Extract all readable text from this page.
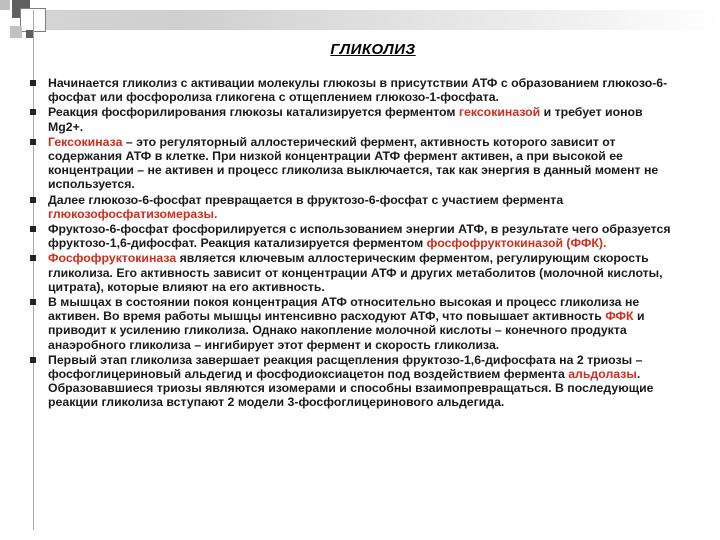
ГЛИКОЛИЗ
Начинается гликолиз с активации молекулы глюкозы в присутствии АТФ с образованием глюкозо-6-фосфат или фосфоролиза гликогена с отщеплением глюкозо-1-фосфата.
Реакция фосфорилирования глюкозы катализируется ферментом гексокиназой и требует ионов Mg2+.
Гексокиназа – это регуляторный аллостерический фермент, активность которого зависит от содержания АТФ в клетке. При низкой концентрации АТФ фермент активен, а при высокой ее концентрации – не активен и процесс гликолиза выключается, так как энергия в данный момент не используется.
Далее глюкозо-6-фосфат превращается в фруктозо-6-фосфат с участием фермента глюкозофосфатизомеразы.
Фруктозо-6-фосфат фосфорилируется с использованием энергии АТФ, в результате чего образуется фруктозо-1,6-дифосфат. Реакция катализируется ферментом фосфофруктокиназой (ФФК).
Фосфофруктокиназа является ключевым аллостерическим ферментом, регулирующим скорость гликолиза. Его активность зависит от концентрации АТФ и других метаболитов (молочной кислоты, цитрата), которые влияют на его активность.
В мышцах в состоянии покоя концентрация АТФ относительно высокая и процесс гликолиза не активен. Во время работы мышцы интенсивно расходуют АТФ, что повышает активность ФФК и приводит к усилению гликолиза. Однако накопление молочной кислоты – конечного продукта анаэробного гликолиза – ингибирует этот фермент и скорость гликолиза.
Первый этап гликолиза завершает реакция расщепления фруктозо-1,6-дифосфата на 2 триозы – фосфоглицериновый альдегид и фосфодиоксиацетон под воздействием фермента альдолазы. Образовавшиеся триозы являются изомерами и способны взаимопревращаться. В последующие реакции гликолиза вступают 2 модели 3-фосфоглицеринового альдегида.
